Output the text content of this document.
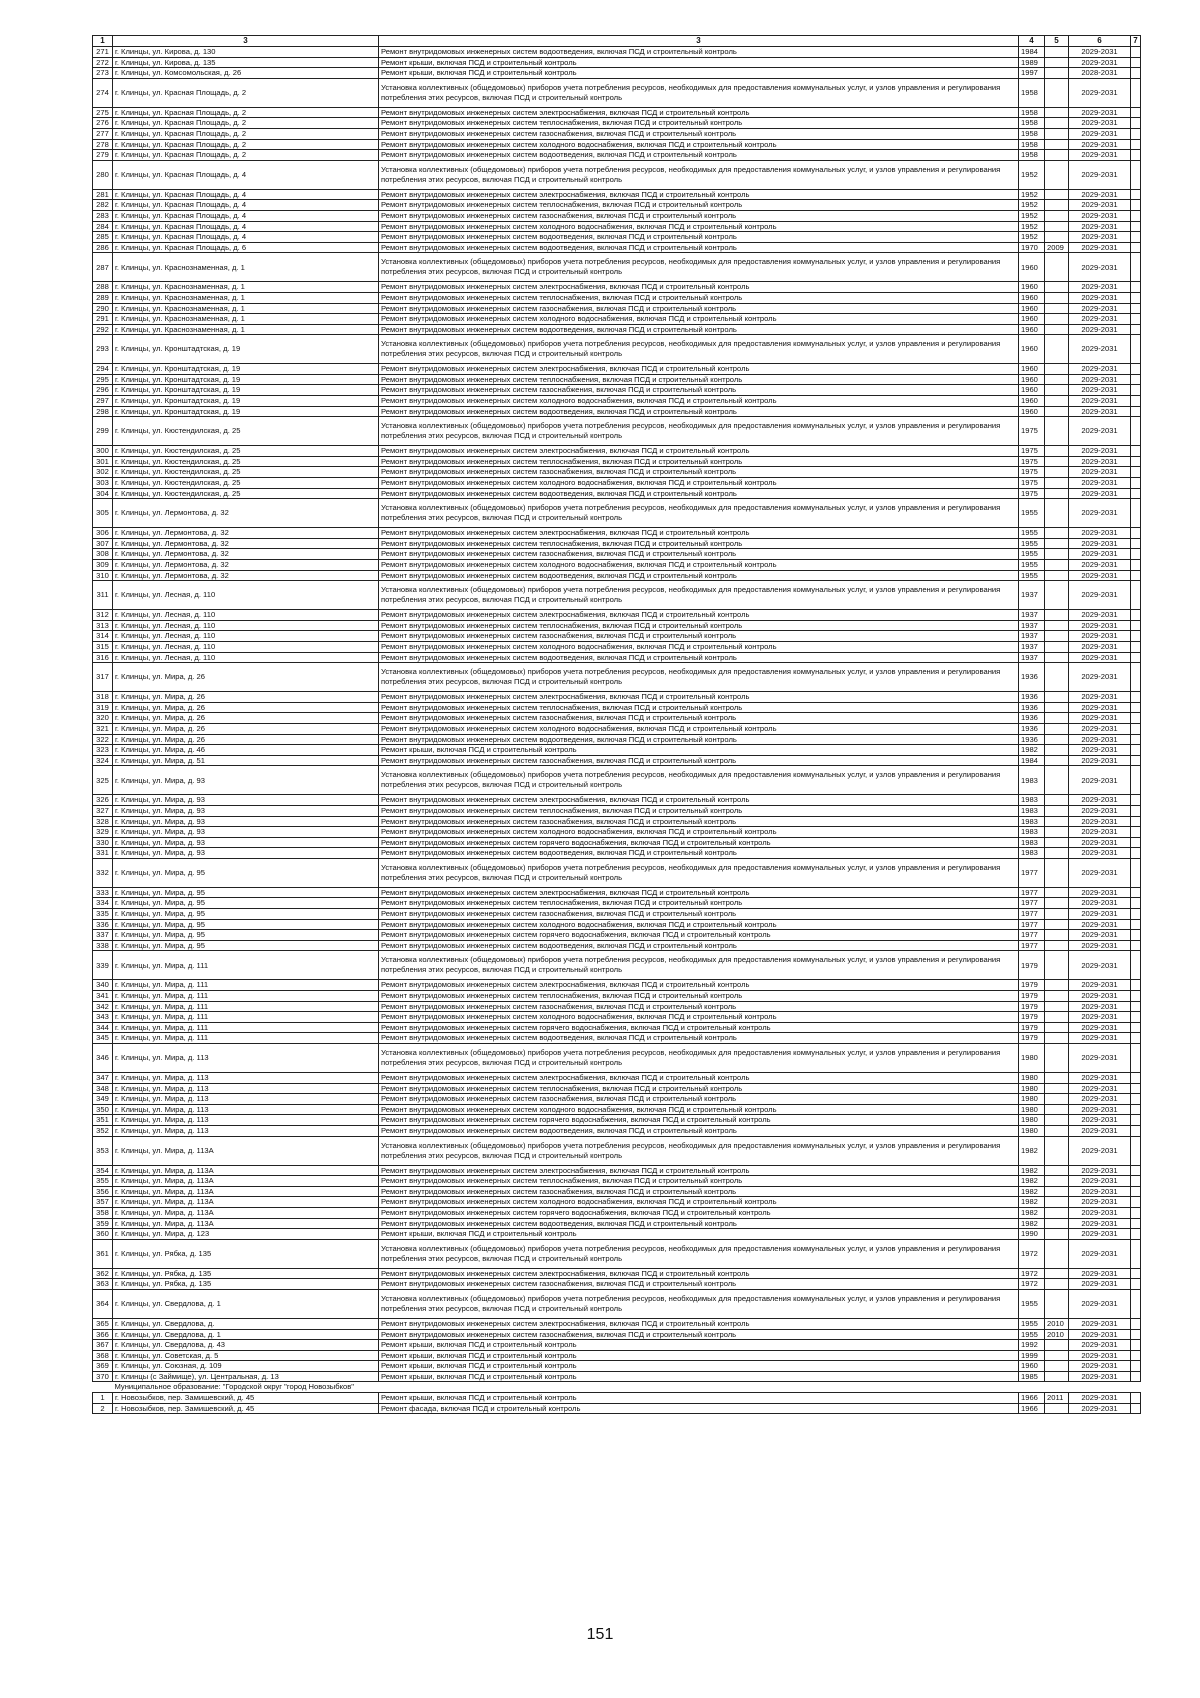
1	3	3	4	5	6	7
271	г. Клинцы, ул. Кирова, д. 130	Ремонт внутридомовых инженерных систем водоотведения, включая ПСД и строительный контроль	1984		2029-2031	
272	г. Клинцы, ул. Кирова, д. 135	Ремонт крыши, включая ПСД и строительный контроль	1989		2029-2031	
273	г. Клинцы, ул. Комсомольская, д. 26	Ремонт крыши, включая ПСД и строительный контроль	1997		2028-2031	
274	г. Клинцы, ул. Красная Площадь, д. 2	Установка коллективных (общедомовых) приборов учета потребления ресурсов, необходимых для предоставления коммунальных услуг, и узлов управления и регулирования потребления этих ресурсов, включая ПСД и строительный контроль	1958		2029-2031	
275	г. Клинцы, ул. Красная Площадь, д. 2	Ремонт внутридомовых инженерных систем электроснабжения, включая ПСД и строительный контроль	1958		2029-2031	
276	г. Клинцы, ул. Красная Площадь, д. 2	Ремонт внутридомовых инженерных систем теплоснабжения, включая ПСД и строительный контроль	1958		2029-2031	
277	г. Клинцы, ул. Красная Площадь, д. 2	Ремонт внутридомовых инженерных систем газоснабжения, включая ПСД и строительный контроль	1958		2029-2031	
278	г. Клинцы, ул. Красная Площадь, д. 2	Ремонт внутридомовых инженерных систем холодного водоснабжения, включая ПСД и строительный контроль	1958		2029-2031	
279	г. Клинцы, ул. Красная Площадь, д. 2	Ремонт внутридомовых инженерных систем водоотведения, включая ПСД и строительный контроль	1958		2029-2031	
280	г. Клинцы, ул. Красная Площадь, д. 4	Установка коллективных (общедомовых) приборов учета потребления ресурсов, необходимых для предоставления коммунальных услуг, и узлов управления и регулирования потребления этих ресурсов, включая ПСД и строительный контроль	1952		2029-2031	
281	г. Клинцы, ул. Красная Площадь, д. 4	Ремонт внутридомовых инженерных систем электроснабжения, включая ПСД и строительный контроль	1952		2029-2031	
282	г. Клинцы, ул. Красная Площадь, д. 4	Ремонт внутридомовых инженерных систем теплоснабжения, включая ПСД и строительный контроль	1952		2029-2031	
283	г. Клинцы, ул. Красная Площадь, д. 4	Ремонт внутридомовых инженерных систем газоснабжения, включая ПСД и строительный контроль	1952		2029-2031	
284	г. Клинцы, ул. Красная Площадь, д. 4	Ремонт внутридомовых инженерных систем холодного водоснабжения, включая ПСД и строительный контроль	1952		2029-2031	
285	г. Клинцы, ул. Красная Площадь, д. 4	Ремонт внутридомовых инженерных систем водоотведения, включая ПСД и строительный контроль	1952		2029-2031	
286	г. Клинцы, ул. Красная Площадь, д. 6	Ремонт внутридомовых инженерных систем водоотведения, включая ПСД и строительный контроль	1970	2009	2029-2031	
287	г. Клинцы, ул. Краснознаменная, д. 1	Установка коллективных (общедомовых) приборов учета потребления ресурсов, необходимых для предоставления коммунальных услуг, и узлов управления и регулирования потребления этих ресурсов, включая ПСД и строительный контроль	1960		2029-2031	
288	г. Клинцы, ул. Краснознаменная, д. 1	Ремонт внутридомовых инженерных систем электроснабжения, включая ПСД и строительный контроль	1960		2029-2031	
289	г. Клинцы, ул. Краснознаменная, д. 1	Ремонт внутридомовых инженерных систем теплоснабжения, включая ПСД и строительный контроль	1960		2029-2031	
290	г. Клинцы, ул. Краснознаменная, д. 1	Ремонт внутридомовых инженерных систем газоснабжения, включая ПСД и строительный контроль	1960		2029-2031	
291	г. Клинцы, ул. Краснознаменная, д. 1	Ремонт внутридомовых инженерных систем холодного водоснабжения, включая ПСД и строительный контроль	1960		2029-2031	
292	г. Клинцы, ул. Краснознаменная, д. 1	Ремонт внутридомовых инженерных систем водоотведения, включая ПСД и строительный контроль	1960		2029-2031	
293	г. Клинцы, ул. Кронштадтская, д. 19	Установка коллективных (общедомовых) приборов учета потребления ресурсов, необходимых для предоставления коммунальных услуг, и узлов управления и регулирования потребления этих ресурсов, включая ПСД и строительный контроль	1960		2029-2031	
294	г. Клинцы, ул. Кронштадтская, д. 19	Ремонт внутридомовых инженерных систем электроснабжения, включая ПСД и строительный контроль	1960		2029-2031	
295	г. Клинцы, ул. Кронштадтская, д. 19	Ремонт внутридомовых инженерных систем теплоснабжения, включая ПСД и строительный контроль	1960		2029-2031	
296	г. Клинцы, ул. Кронштадтская, д. 19	Ремонт внутридомовых инженерных систем газоснабжения, включая ПСД и строительный контроль	1960		2029-2031	
297	г. Клинцы, ул. Кронштадтская, д. 19	Ремонт внутридомовых инженерных систем холодного водоснабжения, включая ПСД и строительный контроль	1960		2029-2031	
298	г. Клинцы, ул. Кронштадтская, д. 19	Ремонт внутридомовых инженерных систем водоотведения, включая ПСД и строительный контроль	1960		2029-2031	
299	г. Клинцы, ул. Кюстендилская, д. 25	Установка коллективных (общедомовых) приборов учета потребления ресурсов, необходимых для предоставления коммунальных услуг, и узлов управления и регулирования потребления этих ресурсов, включая ПСД и строительный контроль	1975		2029-2031	
300	г. Клинцы, ул. Кюстендилская, д. 25	Ремонт внутридомовых инженерных систем электроснабжения, включая ПСД и строительный контроль	1975		2029-2031	
301	г. Клинцы, ул. Кюстендилская, д. 25	Ремонт внутридомовых инженерных систем теплоснабжения, включая ПСД и строительный контроль	1975		2029-2031	
302	г. Клинцы, ул. Кюстендилская, д. 25	Ремонт внутридомовых инженерных систем газоснабжения, включая ПСД и строительный контроль	1975		2029-2031	
303	г. Клинцы, ул. Кюстендилская, д. 25	Ремонт внутридомовых инженерных систем холодного водоснабжения, включая ПСД и строительный контроль	1975		2029-2031	
304	г. Клинцы, ул. Кюстендилская, д. 25	Ремонт внутридомовых инженерных систем водоотведения, включая ПСД и строительный контроль	1975		2029-2031	
305	г. Клинцы, ул. Лермонтова, д. 32	Установка коллективных (общедомовых) приборов учета потребления ресурсов, необходимых для предоставления коммунальных услуг, и узлов управления и регулирования потребления этих ресурсов, включая ПСД и строительный контроль	1955		2029-2031	
306	г. Клинцы, ул. Лермонтова, д. 32	Ремонт внутридомовых инженерных систем электроснабжения, включая ПСД и строительный контроль	1955		2029-2031	
307	г. Клинцы, ул. Лермонтова, д. 32	Ремонт внутридомовых инженерных систем теплоснабжения, включая ПСД и строительный контроль	1955		2029-2031	
308	г. Клинцы, ул. Лермонтова, д. 32	Ремонт внутридомовых инженерных систем газоснабжения, включая ПСД и строительный контроль	1955		2029-2031	
309	г. Клинцы, ул. Лермонтова, д. 32	Ремонт внутридомовых инженерных систем холодного водоснабжения, включая ПСД и строительный контроль	1955		2029-2031	
310	г. Клинцы, ул. Лермонтова, д. 32	Ремонт внутридомовых инженерных систем водоотведения, включая ПСД и строительный контроль	1955		2029-2031	
311	г. Клинцы, ул. Лесная, д. 110	Установка коллективных (общедомовых) приборов учета потребления ресурсов, необходимых для предоставления коммунальных услуг, и узлов управления и регулирования потребления этих ресурсов, включая ПСД и строительный контроль	1937		2029-2031	
312	г. Клинцы, ул. Лесная, д. 110	Ремонт внутридомовых инженерных систем электроснабжения, включая ПСД и строительный контроль	1937		2029-2031	
313	г. Клинцы, ул. Лесная, д. 110	Ремонт внутридомовых инженерных систем теплоснабжения, включая ПСД и строительный контроль	1937		2029-2031	
314	г. Клинцы, ул. Лесная, д. 110	Ремонт внутридомовых инженерных систем газоснабжения, включая ПСД и строительный контроль	1937		2029-2031	
315	г. Клинцы, ул. Лесная, д. 110	Ремонт внутридомовых инженерных систем холодного водоснабжения, включая ПСД и строительный контроль	1937		2029-2031	
316	г. Клинцы, ул. Лесная, д. 110	Ремонт внутридомовых инженерных систем водоотведения, включая ПСД и строительный контроль	1937		2029-2031	
317	г. Клинцы, ул. Мира, д. 26	Установка коллективных (общедомовых) приборов учета потребления ресурсов, необходимых для предоставления коммунальных услуг, и узлов управления и регулирования потребления этих ресурсов, включая ПСД и строительный контроль	1936		2029-2031	
318	г. Клинцы, ул. Мира, д. 26	Ремонт внутридомовых инженерных систем электроснабжения, включая ПСД и строительный контроль	1936		2029-2031	
319	г. Клинцы, ул. Мира, д. 26	Ремонт внутридомовых инженерных систем теплоснабжения, включая ПСД и строительный контроль	1936		2029-2031	
320	г. Клинцы, ул. Мира, д. 26	Ремонт внутридомовых инженерных систем газоснабжения, включая ПСД и строительный контроль	1936		2029-2031	
321	г. Клинцы, ул. Мира, д. 26	Ремонт внутридомовых инженерных систем холодного водоснабжения, включая ПСД и строительный контроль	1936		2029-2031	
322	г. Клинцы, ул. Мира, д. 26	Ремонт внутридомовых инженерных систем водоотведения, включая ПСД и строительный контроль	1936		2029-2031	
323	г. Клинцы, ул. Мира, д. 46	Ремонт крыши, включая ПСД и строительный контроль	1982		2029-2031	
324	г. Клинцы, ул. Мира, д. 51	Ремонт внутридомовых инженерных систем газоснабжения, включая ПСД и строительный контроль	1984		2029-2031	
325	г. Клинцы, ул. Мира, д. 93	Установка коллективных (общедомовых) приборов учета потребления ресурсов, необходимых для предоставления коммунальных услуг, и узлов управления и регулирования потребления этих ресурсов, включая ПСД и строительный контроль	1983		2029-2031	
326	г. Клинцы, ул. Мира, д. 93	Ремонт внутридомовых инженерных систем электроснабжения, включая ПСД и строительный контроль	1983		2029-2031	
327	г. Клинцы, ул. Мира, д. 93	Ремонт внутридомовых инженерных систем теплоснабжения, включая ПСД и строительный контроль	1983		2029-2031	
328	г. Клинцы, ул. Мира, д. 93	Ремонт внутридомовых инженерных систем газоснабжения, включая ПСД и строительный контроль	1983		2029-2031	
329	г. Клинцы, ул. Мира, д. 93	Ремонт внутридомовых инженерных систем холодного водоснабжения, включая ПСД и строительный контроль	1983		2029-2031	
330	г. Клинцы, ул. Мира, д. 93	Ремонт внутридомовых инженерных систем горячего водоснабжения, включая ПСД и строительный контроль	1983		2029-2031	
331	г. Клинцы, ул. Мира, д. 93	Ремонт внутридомовых инженерных систем водоотведения, включая ПСД и строительный контроль	1983		2029-2031	
332	г. Клинцы, ул. Мира, д. 95	Установка коллективных (общедомовых) приборов учета потребления ресурсов, необходимых для предоставления коммунальных услуг, и узлов управления и регулирования потребления этих ресурсов, включая ПСД и строительный контроль	1977		2029-2031	
333	г. Клинцы, ул. Мира, д. 95	Ремонт внутридомовых инженерных систем электроснабжения, включая ПСД и строительный контроль	1977		2029-2031	
334	г. Клинцы, ул. Мира, д. 95	Ремонт внутридомовых инженерных систем теплоснабжения, включая ПСД и строительный контроль	1977		2029-2031	
335	г. Клинцы, ул. Мира, д. 95	Ремонт внутридомовых инженерных систем газоснабжения, включая ПСД и строительный контроль	1977		2029-2031	
336	г. Клинцы, ул. Мира, д. 95	Ремонт внутридомовых инженерных систем холодного водоснабжения, включая ПСД и строительный контроль	1977		2029-2031	
337	г. Клинцы, ул. Мира, д. 95	Ремонт внутридомовых инженерных систем горячего водоснабжения, включая ПСД и строительный контроль	1977		2029-2031	
338	г. Клинцы, ул. Мира, д. 95	Ремонт внутридомовых инженерных систем водоотведения, включая ПСД и строительный контроль	1977		2029-2031	
339	г. Клинцы, ул. Мира, д. 111	Установка коллективных (общедомовых) приборов учета потребления ресурсов, необходимых для предоставления коммунальных услуг, и узлов управления и регулирования потребления этих ресурсов, включая ПСД и строительный контроль	1979		2029-2031	
340	г. Клинцы, ул. Мира, д. 111	Ремонт внутридомовых инженерных систем электроснабжения, включая ПСД и строительный контроль	1979		2029-2031	
341	г. Клинцы, ул. Мира, д. 111	Ремонт внутридомовых инженерных систем теплоснабжения, включая ПСД и строительный контроль	1979		2029-2031	
342	г. Клинцы, ул. Мира, д. 111	Ремонт внутридомовых инженерных систем газоснабжения, включая ПСД и строительный контроль	1979		2029-2031	
343	г. Клинцы, ул. Мира, д. 111	Ремонт внутридомовых инженерных систем холодного водоснабжения, включая ПСД и строительный контроль	1979		2029-2031	
344	г. Клинцы, ул. Мира, д. 111	Ремонт внутридомовых инженерных систем горячего водоснабжения, включая ПСД и строительный контроль	1979		2029-2031	
345	г. Клинцы, ул. Мира, д. 111	Ремонт внутридомовых инженерных систем водоотведения, включая ПСД и строительный контроль	1979		2029-2031	
346	г. Клинцы, ул. Мира, д. 113	Установка коллективных (общедомовых) приборов учета потребления ресурсов, необходимых для предоставления коммунальных услуг, и узлов управления и регулирования потребления этих ресурсов, включая ПСД и строительный контроль	1980		2029-2031	
347	г. Клинцы, ул. Мира, д. 113	Ремонт внутридомовых инженерных систем электроснабжения, включая ПСД и строительный контроль	1980		2029-2031	
348	г. Клинцы, ул. Мира, д. 113	Ремонт внутридомовых инженерных систем теплоснабжения, включая ПСД и строительный контроль	1980		2029-2031	
349	г. Клинцы, ул. Мира, д. 113	Ремонт внутридомовых инженерных систем газоснабжения, включая ПСД и строительный контроль	1980		2029-2031	
350	г. Клинцы, ул. Мира, д. 113	Ремонт внутридомовых инженерных систем холодного водоснабжения, включая ПСД и строительный контроль	1980		2029-2031	
351	г. Клинцы, ул. Мира, д. 113	Ремонт внутридомовых инженерных систем горячего водоснабжения, включая ПСД и строительный контроль	1980		2029-2031	
352	г. Клинцы, ул. Мира, д. 113	Ремонт внутридомовых инженерных систем водоотведения, включая ПСД и строительный контроль	1980		2029-2031	
353	г. Клинцы, ул. Мира, д. 113А	Установка коллективных (общедомовых) приборов учета потребления ресурсов, необходимых для предоставления коммунальных услуг, и узлов управления и регулирования потребления этих ресурсов, включая ПСД и строительный контроль	1982		2029-2031	
354	г. Клинцы, ул. Мира, д. 113А	Ремонт внутридомовых инженерных систем электроснабжения, включая ПСД и строительный контроль	1982		2029-2031	
355	г. Клинцы, ул. Мира, д. 113А	Ремонт внутридомовых инженерных систем теплоснабжения, включая ПСД и строительный контроль	1982		2029-2031	
356	г. Клинцы, ул. Мира, д. 113А	Ремонт внутридомовых инженерных систем газоснабжения, включая ПСД и строительный контроль	1982		2029-2031	
357	г. Клинцы, ул. Мира, д. 113А	Ремонт внутридомовых инженерных систем холодного водоснабжения, включая ПСД и строительный контроль	1982		2029-2031	
358	г. Клинцы, ул. Мира, д. 113А	Ремонт внутридомовых инженерных систем горячего водоснабжения, включая ПСД и строительный контроль	1982		2029-2031	
359	г. Клинцы, ул. Мира, д. 113А	Ремонт внутридомовых инженерных систем водоотведения, включая ПСД и строительный контроль	1982		2029-2031	
360	г. Клинцы, ул. Мира, д. 123	Ремонт крыши, включая ПСД и строительный контроль	1990		2029-2031	
361	г. Клинцы, ул. Рябка, д. 135	Установка коллективных (общедомовых) приборов учета потребления ресурсов, необходимых для предоставления коммунальных услуг, и узлов управления и регулирования потребления этих ресурсов, включая ПСД и строительный контроль	1972		2029-2031	
362	г. Клинцы, ул. Рябка, д. 135	Ремонт внутридомовых инженерных систем электроснабжения, включая ПСД и строительный контроль	1972		2029-2031	
363	г. Клинцы, ул. Рябка, д. 135	Ремонт внутридомовых инженерных систем газоснабжения, включая ПСД и строительный контроль	1972		2029-2031	
364	г. Клинцы, ул. Свердлова, д. 1	Установка коллективных (общедомовых) приборов учета потребления ресурсов, необходимых для предоставления коммунальных услуг, и узлов управления и регулирования потребления этих ресурсов, включая ПСД и строительный контроль	1955		2029-2031	
365	г. Клинцы, ул. Свердлова, д.	Ремонт внутридомовых инженерных систем электроснабжения, включая ПСД и строительный контроль	1955	2010	2029-2031	
366	г. Клинцы, ул. Свердлова, д. 1	Ремонт внутридомовых инженерных систем газоснабжения, включая ПСД и строительный контроль	1955	2010	2029-2031	
367	г. Клинцы, ул. Свердлова, д. 43	Ремонт крыши, включая ПСД и строительный контроль	1992		2029-2031	
368	г. Клинцы, ул. Советская, д. 5	Ремонт крыши, включая ПСД и строительный контроль	1999		2029-2031	
369	г. Клинцы, ул. Союзная, д. 109	Ремонт крыши, включая ПСД и строительный контроль	1960		2029-2031	
370	г. Клинцы (с Займище), ул. Центральная, д. 13	Ремонт крыши, включая ПСД и строительный контроль	1985		2029-2031	
	Муниципальное образование: "Городской округ "город Новозыбков"					
1	г. Новозыбков, пер. Замишевский, д. 45	Ремонт крыши, включая ПСД и строительный контроль	1966	2011	2029-2031	
2	г. Новозыбков, пер. Замишевский, д. 45	Ремонт фасада, включая ПСД и строительный контроль	1966		2029-2031	
151
